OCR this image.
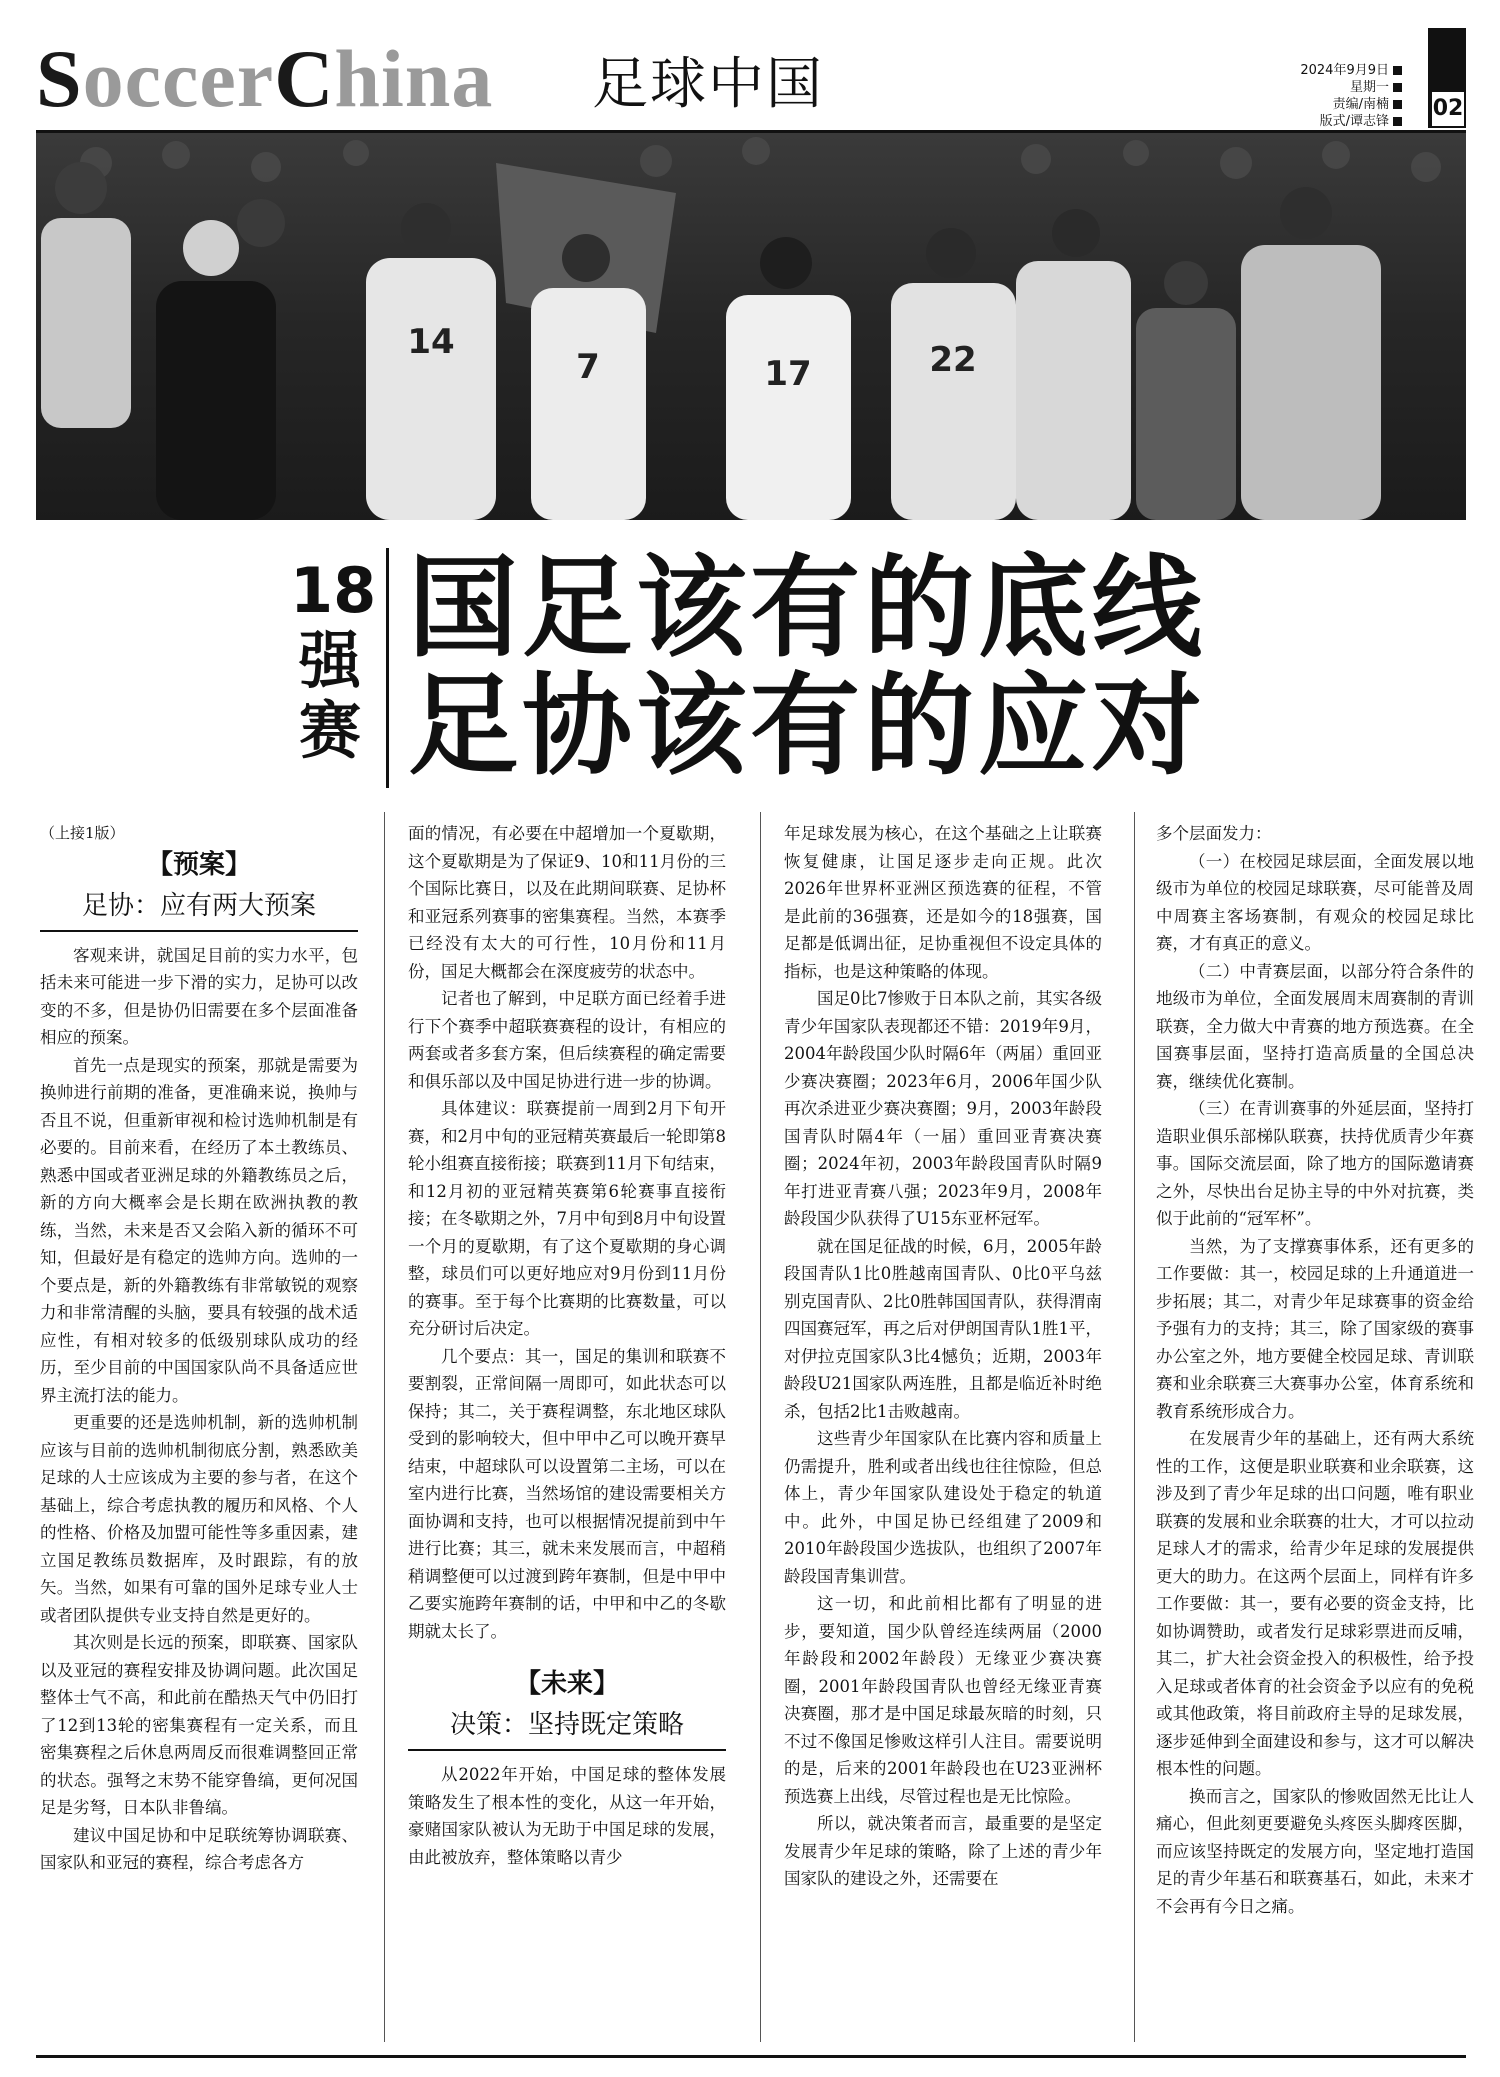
SoccerChina 足球中国	2024年9月9日
星期一
责编/南楠
版式/谭志锋
02
14
7	17	22
18
强
赛
国足该有的底线
足协该有的应对

（上接1版）

【预案】

足协：应有两大预案

客观来讲，就国足目前的实力水平，包括未来可能进一步下滑的实力，足协可以改变的不多，但是协仍旧需要在多个层面准备相应的预案。

首先一点是现实的预案，那就是需要为换帅进行前期的准备，更准确来说，换帅与否且不说，但重新审视和检讨选帅机制是有必要的。目前来看，在经历了本土教练员、熟悉中国或者亚洲足球的外籍教练员之后，新的方向大概率会是长期在欧洲执教的教练，当然，未来是否又会陷入新的循环不可知，但最好是有稳定的选帅方向。选帅的一个要点是，新的外籍教练有非常敏锐的观察力和非常清醒的头脑，要具有较强的战术适应性，有相对较多的低级别球队成功的经历，至少目前的中国国家队尚不具备适应世界主流打法的能力。

更重要的还是选帅机制，新的选帅机制应该与目前的选帅机制彻底分割，熟悉欧美足球的人士应该成为主要的参与者，在这个基础上，综合考虑执教的履历和风格、个人的性格、价格及加盟可能性等多重因素，建立国足教练员数据库，及时跟踪，有的放矢。当然，如果有可靠的国外足球专业人士或者团队提供专业支持自然是更好的。

其次则是长远的预案，即联赛、国家队以及亚冠的赛程安排及协调问题。此次国足整体士气不高，和此前在酷热天气中仍旧打了12到13轮的密集赛程有一定关系，而且密集赛程之后休息两周反而很难调整回正常的状态。强弩之末势不能穿鲁缟，更何况国足是劣弩，日本队非鲁缟。

建议中国足协和中足联统筹协调联赛、国家队和亚冠的赛程，综合考虑各方

面的情况，有必要在中超增加一个夏歇期，这个夏歇期是为了保证9、10和11月份的三个国际比赛日，以及在此期间联赛、足协杯和亚冠系列赛事的密集赛程。当然，本赛季已经没有太大的可行性，10月份和11月份，国足大概都会在深度疲劳的状态中。

记者也了解到，中足联方面已经着手进行下个赛季中超联赛赛程的设计，有相应的两套或者多套方案，但后续赛程的确定需要和俱乐部以及中国足协进行进一步的协调。

具体建议：联赛提前一周到2月下旬开赛，和2月中旬的亚冠精英赛最后一轮即第8轮小组赛直接衔接；联赛到11月下旬结束，和12月初的亚冠精英赛第6轮赛事直接衔接；在冬歇期之外，7月中旬到8月中旬设置一个月的夏歇期，有了这个夏歇期的身心调整，球员们可以更好地应对9月份到11月份的赛事。至于每个比赛期的比赛数量，可以充分研讨后决定。

几个要点：其一，国足的集训和联赛不要割裂，正常间隔一周即可，如此状态可以保持；其二，关于赛程调整，东北地区球队受到的影响较大，但中甲中乙可以晚开赛早结束，中超球队可以设置第二主场，可以在室内进行比赛，当然场馆的建设需要相关方面协调和支持，也可以根据情况提前到中午进行比赛；其三，就未来发展而言，中超稍稍调整便可以过渡到跨年赛制，但是中甲中乙要实施跨年赛制的话，中甲和中乙的冬歇期就太长了。

【未来】

决策：坚持既定策略

从2022年开始，中国足球的整体发展策略发生了根本性的变化，从这一年开始，豪赌国家队被认为无助于中国足球的发展，由此被放弃，整体策略以青少

年足球发展为核心，在这个基础之上让联赛恢复健康，让国足逐步走向正规。此次2026年世界杯亚洲区预选赛的征程，不管是此前的36强赛，还是如今的18强赛，国足都是低调出征，足协重视但不设定具体的指标，也是这种策略的体现。

国足0比7惨败于日本队之前，其实各级青少年国家队表现都还不错：2019年9月，2004年龄段国少队时隔6年（两届）重回亚少赛决赛圈；2023年6月，2006年国少队再次杀进亚少赛决赛圈；9月，2003年龄段国青队时隔4年（一届）重回亚青赛决赛圈；2024年初，2003年龄段国青队时隔9年打进亚青赛八强；2023年9月，2008年龄段国少队获得了U15东亚杯冠军。

就在国足征战的时候，6月，2005年龄段国青队1比0胜越南国青队、0比0平乌兹别克国青队、2比0胜韩国国青队，获得渭南四国赛冠军，再之后对伊朗国青队1胜1平，对伊拉克国家队3比4憾负；近期，2003年龄段U21国家队两连胜，且都是临近补时绝杀，包括2比1击败越南。

这些青少年国家队在比赛内容和质量上仍需提升，胜利或者出线也往往惊险，但总体上，青少年国家队建设处于稳定的轨道中。此外，中国足协已经组建了2009和2010年龄段国少选拔队，也组织了2007年龄段国青集训营。

这一切，和此前相比都有了明显的进步，要知道，国少队曾经连续两届（2000年龄段和2002年龄段）无缘亚少赛决赛圈，2001年龄段国青队也曾经无缘亚青赛决赛圈，那才是中国足球最灰暗的时刻，只不过不像国足惨败这样引人注目。需要说明的是，后来的2001年龄段也在U23亚洲杯预选赛上出线，尽管过程也是无比惊险。

所以，就决策者而言，最重要的是坚定发展青少年足球的策略，除了上述的青少年国家队的建设之外，还需要在

多个层面发力：

（一）在校园足球层面，全面发展以地级市为单位的校园足球联赛，尽可能普及周中周赛主客场赛制，有观众的校园足球比赛，才有真正的意义。

（二）中青赛层面，以部分符合条件的地级市为单位，全面发展周末周赛制的青训联赛，全力做大中青赛的地方预选赛。在全国赛事层面，坚持打造高质量的全国总决赛，继续优化赛制。

（三）在青训赛事的外延层面，坚持打造职业俱乐部梯队联赛，扶持优质青少年赛事。国际交流层面，除了地方的国际邀请赛之外，尽快出台足协主导的中外对抗赛，类似于此前的“冠军杯”。

当然，为了支撑赛事体系，还有更多的工作要做：其一，校园足球的上升通道进一步拓展；其二，对青少年足球赛事的资金给予强有力的支持；其三，除了国家级的赛事办公室之外，地方要健全校园足球、青训联赛和业余联赛三大赛事办公室，体育系统和教育系统形成合力。

在发展青少年的基础上，还有两大系统性的工作，这便是职业联赛和业余联赛，这涉及到了青少年足球的出口问题，唯有职业联赛的发展和业余联赛的壮大，才可以拉动足球人才的需求，给青少年足球的发展提供更大的助力。在这两个层面上，同样有许多工作要做：其一，要有必要的资金支持，比如协调赞助，或者发行足球彩票进而反哺，其二，扩大社会资金投入的积极性，给予投入足球或者体育的社会资金予以应有的免税或其他政策，将目前政府主导的足球发展，逐步延伸到全面建设和参与，这才可以解决根本性的问题。

换而言之，国家队的惨败固然无比让人痛心，但此刻更要避免头疼医头脚疼医脚，而应该坚持既定的发展方向，坚定地打造国足的青少年基石和联赛基石，如此，未来才不会再有今日之痛。
